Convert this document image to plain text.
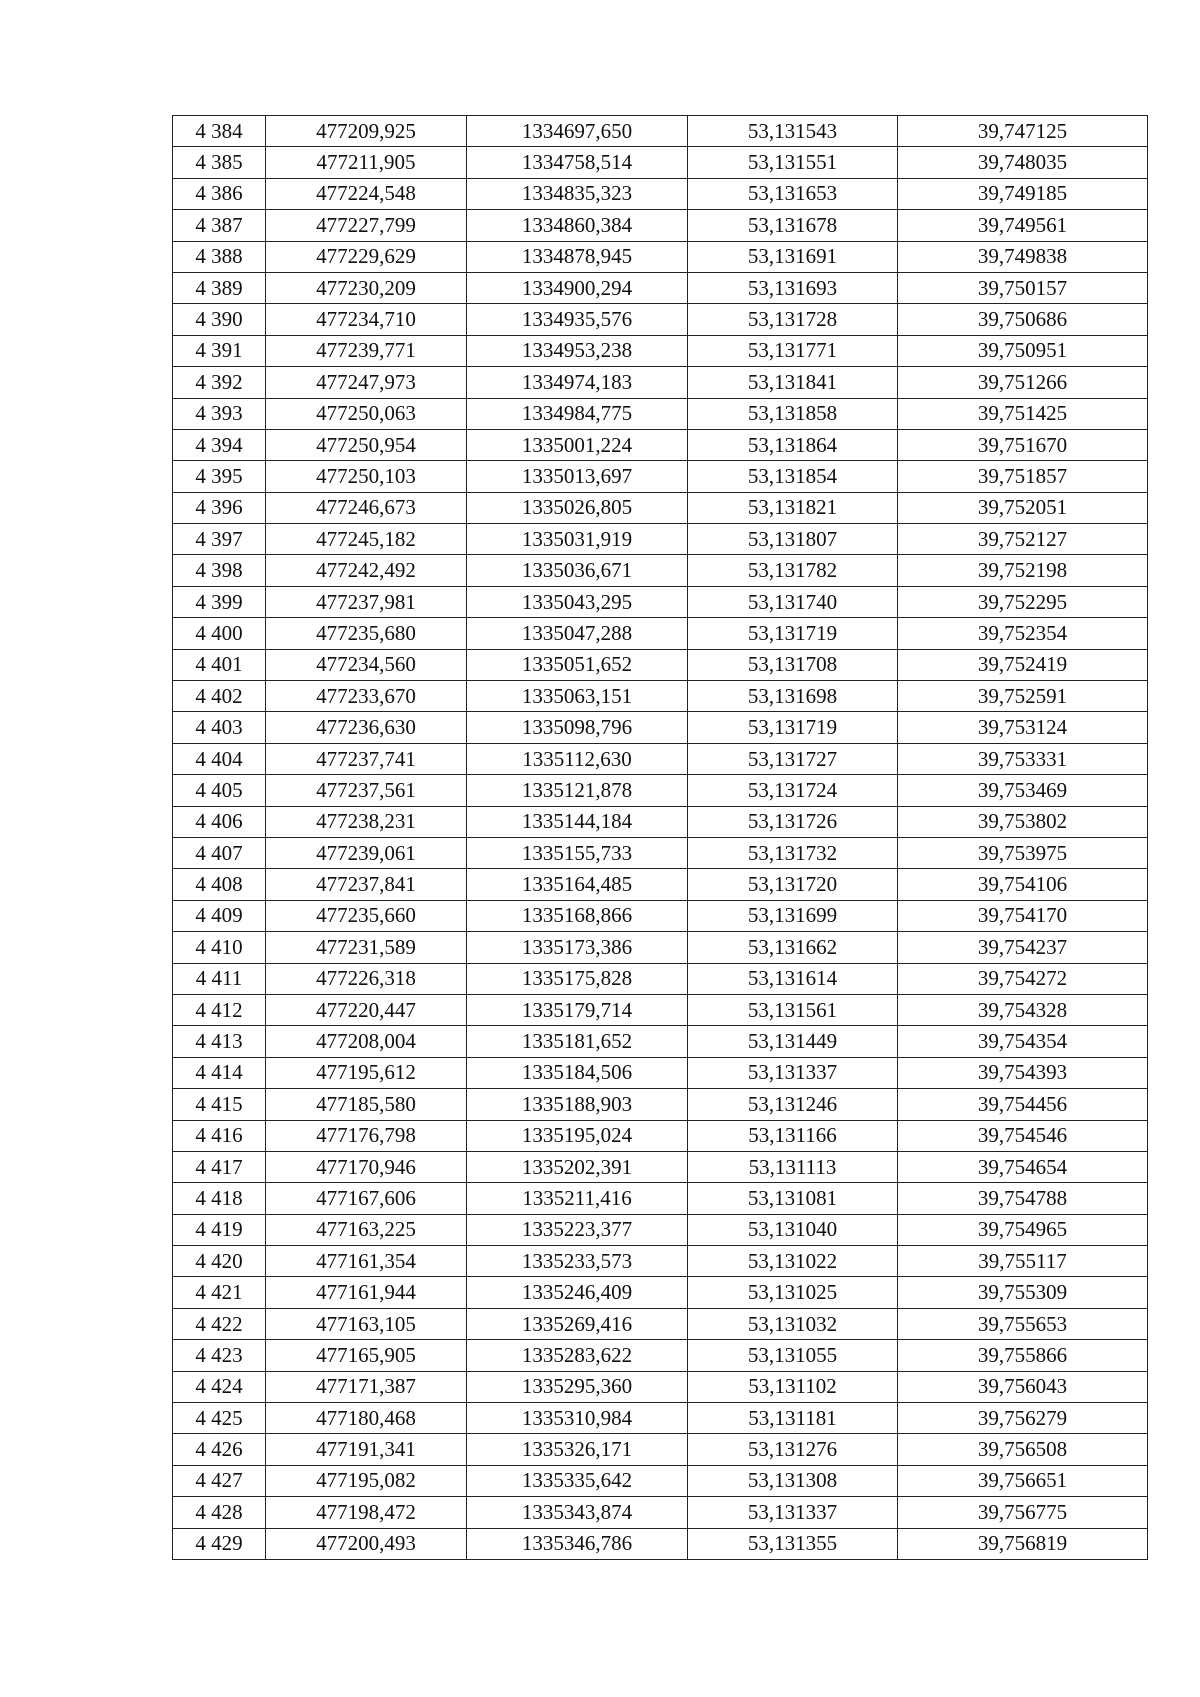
4 384	477209,925	1334697,650	53,131543	39,747125
4 385	477211,905	1334758,514	53,131551	39,748035
4 386	477224,548	1334835,323	53,131653	39,749185
4 387	477227,799	1334860,384	53,131678	39,749561
4 388	477229,629	1334878,945	53,131691	39,749838
4 389	477230,209	1334900,294	53,131693	39,750157
4 390	477234,710	1334935,576	53,131728	39,750686
4 391	477239,771	1334953,238	53,131771	39,750951
4 392	477247,973	1334974,183	53,131841	39,751266
4 393	477250,063	1334984,775	53,131858	39,751425
4 394	477250,954	1335001,224	53,131864	39,751670
4 395	477250,103	1335013,697	53,131854	39,751857
4 396	477246,673	1335026,805	53,131821	39,752051
4 397	477245,182	1335031,919	53,131807	39,752127
4 398	477242,492	1335036,671	53,131782	39,752198
4 399	477237,981	1335043,295	53,131740	39,752295
4 400	477235,680	1335047,288	53,131719	39,752354
4 401	477234,560	1335051,652	53,131708	39,752419
4 402	477233,670	1335063,151	53,131698	39,752591
4 403	477236,630	1335098,796	53,131719	39,753124
4 404	477237,741	1335112,630	53,131727	39,753331
4 405	477237,561	1335121,878	53,131724	39,753469
4 406	477238,231	1335144,184	53,131726	39,753802
4 407	477239,061	1335155,733	53,131732	39,753975
4 408	477237,841	1335164,485	53,131720	39,754106
4 409	477235,660	1335168,866	53,131699	39,754170
4 410	477231,589	1335173,386	53,131662	39,754237
4 411	477226,318	1335175,828	53,131614	39,754272
4 412	477220,447	1335179,714	53,131561	39,754328
4 413	477208,004	1335181,652	53,131449	39,754354
4 414	477195,612	1335184,506	53,131337	39,754393
4 415	477185,580	1335188,903	53,131246	39,754456
4 416	477176,798	1335195,024	53,131166	39,754546
4 417	477170,946	1335202,391	53,131113	39,754654
4 418	477167,606	1335211,416	53,131081	39,754788
4 419	477163,225	1335223,377	53,131040	39,754965
4 420	477161,354	1335233,573	53,131022	39,755117
4 421	477161,944	1335246,409	53,131025	39,755309
4 422	477163,105	1335269,416	53,131032	39,755653
4 423	477165,905	1335283,622	53,131055	39,755866
4 424	477171,387	1335295,360	53,131102	39,756043
4 425	477180,468	1335310,984	53,131181	39,756279
4 426	477191,341	1335326,171	53,131276	39,756508
4 427	477195,082	1335335,642	53,131308	39,756651
4 428	477198,472	1335343,874	53,131337	39,756775
4 429	477200,493	1335346,786	53,131355	39,756819
